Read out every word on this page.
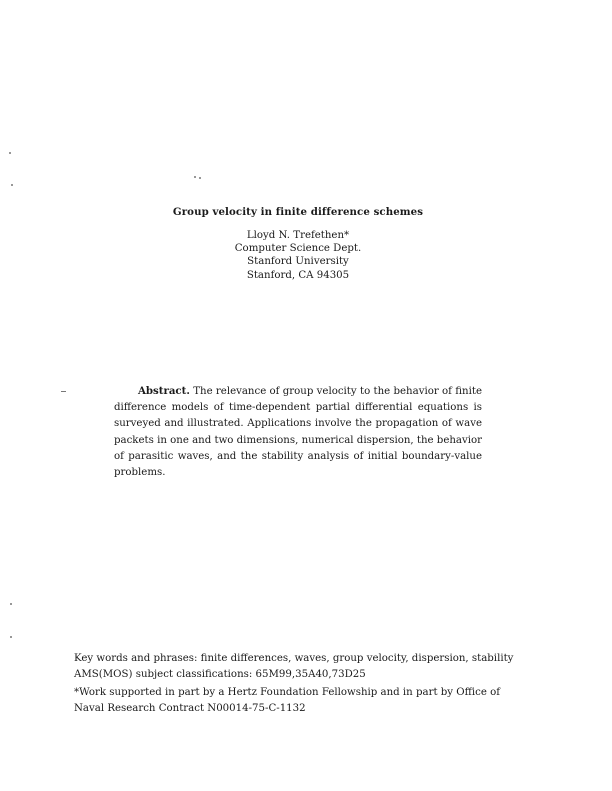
Group velocity in finite difference schemes
Lloyd N. Trefethen*
Computer Science Dept.
Stanford University
Stanford, CA 94305
Abstract. The relevance of group velocity to the behavior of finite difference models of time-dependent partial differential equations is surveyed and illustrated. Applications involve the propagation of wave packets in one and two dimensions, numerical dispersion, the behavior of parasitic waves, and the stability analysis of initial boundary-value problems.
Key words and phrases: finite differences, waves, group velocity, dispersion, stability
AMS(MOS) subject classifications: 65M99,35A40,73D25
*Work supported in part by a Hertz Foundation Fellowship and in part by Office of
Naval Research Contract N00014-75-C-1132
